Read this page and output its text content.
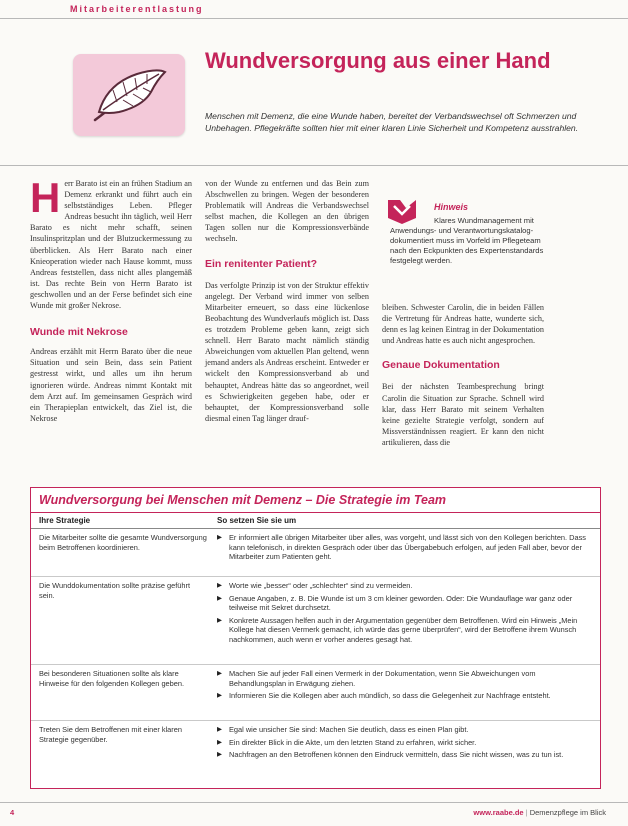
Mitarbeiterentlastung
Wundversorgung aus einer Hand
Menschen mit Demenz, die eine Wunde haben, bereitet der Verbandswechsel oft Schmerzen und Unbehagen. Pflegekräfte sollten hier mit einer klaren Linie Sicherheit und Kompetenz ausstrahlen.

Herr Barato ist ein an frühen Stadium an Demenz erkrankt und führt auch ein selbstständiges Leben. Pfleger Andreas besucht ihn täglich, weil Herr Barato es nicht mehr schafft, seinen Insulinspritzplan und der Blutzuckermessung zu überblicken. Als Herr Barato nach einer Knieoperation wieder nach Hause kommt, muss Andreas feststellen, dass nicht alles plangemäß ist. Das rechte Bein von Herrn Barato ist geschwollen und an der Ferse befindet sich eine Wunde mit großer Nekrose.

Wunde mit Nekrose

Andreas erzählt mit Herrn Barato über die neue Situation und sein Bein, dass sein Patient gestresst wirkt, und alles um ihn herum ignorieren würde. Andreas nimmt Kontakt mit dem Arzt auf. Im gemeinsamen Gespräch wird ein Therapieplan entwickelt, das Ziel ist, die Nekrose

von der Wunde zu entfernen und das Bein zum Abschwellen zu bringen. Wegen der besonderen Problematik will Andreas die Verbandswechsel selbst machen, die Kollegen an den übrigen Tagen sollen nur die Kompressionsverbände wechseln.

Ein renitenter Patient?

Das verfolgte Prinzip ist von der Struktur effektiv angelegt. Der Verband wird immer von selben Mitarbeiter erneuert, so dass eine lückenlose Beobachtung des Wundverlaufs möglich ist. Dass es trotzdem Probleme geben kann, zeigt sich schnell. Herr Barato macht nämlich ständig Abweichungen vom aktuellen Plan geltend, wenn jemand anders als Andreas erscheint. Entweder er wickelt den Kompressionsverband ab und behauptet, Andreas hätte das so angeordnet, weil es Schwierigkeiten gegeben habe, oder er behauptet, der Kompressionsverband solle diesmal einen Tag länger drauf-

Hinweis
Klares Wundmanagement mit Anwendungs- und Verantwortungskatalog-dokumentiert muss im Vorfeld im Pflegeteam nach den Eckpunkten des Expertenstandards festgelegt werden.

bleiben. Schwester Carolin, die in beiden Fällen die Vertretung für Andreas hatte, wunderte sich, denn es lag keinen Eintrag in der Dokumentation und Andreas hatte es auch nicht angesprochen.

Genaue Dokumentation

Bei der nächsten Teambesprechung bringt Carolin die Situation zur Sprache. Schnell wird klar, dass Herr Barato mit seinem Verhalten keine gezielte Strategie verfolgt, sondern auf Missverständnissen reagiert. Er kann den nicht artikulieren, dass die

Wundversorgung bei Menschen mit Demenz – Die Strategie im Team
Ihre Strategie	So setzen Sie sie um
Die Mitarbeiter sollte die gesamte Wundversorgung beim Betroffenen koordinieren.
▶ Er informiert alle übrigen Mitarbeiter über alles, was vorgeht, und lässt sich von den Kollegen berichten. Dass kann telefonisch, in direkten Gespräch oder über das Übergabebuch erfolgen, auf jeden Fall aber, bevor der Mitarbeiter zum Patienten geht.
Die Wunddokumentation sollte präzise geführt sein.
▶ Worte wie „besser“ oder „schlechter“ sind zu vermeiden.
▶ Genaue Angaben, z. B. Die Wunde ist um 3 cm kleiner geworden. Oder: Die Wundauflage war ganz oder teilweise mit Sekret durchsetzt.
▶ Konkrete Aussagen helfen auch in der Argumentation gegenüber dem Betroffenen. Wird ein Hinweis „Mein Kollege hat diesen Vermerk gemacht, ich würde das gerne überprüfen“, wird der Betroffene ihrem Wunsch nachkommen, auch wenn er vorher anderes gesagt hat.
Bei besonderen Situationen sollte als klare Hinweise für den folgenden Kollegen geben.
▶ Machen Sie auf jeder Fall einen Vermerk in der Dokumentation, wenn Sie Abweichungen vom Behandlungsplan in Erwägung ziehen.
▶ Informieren Sie die Kollegen aber auch mündlich, so dass die Gelegenheit zur Nachfrage entsteht.
Treten Sie dem Betroffenen mit einer klaren Strategie gegenüber.
▶ Egal wie unsicher Sie sind: Machen Sie deutlich, dass es einen Plan gibt.
▶ Ein direkter Blick in die Akte, um den letzten Stand zu erfahren, wirkt sicher.
▶ Nachfragen an den Betroffenen können den Eindruck vermitteln, dass Sie nicht wissen, was zu tun ist.
4	www.raabe.de | Demenzpflege im Blick
